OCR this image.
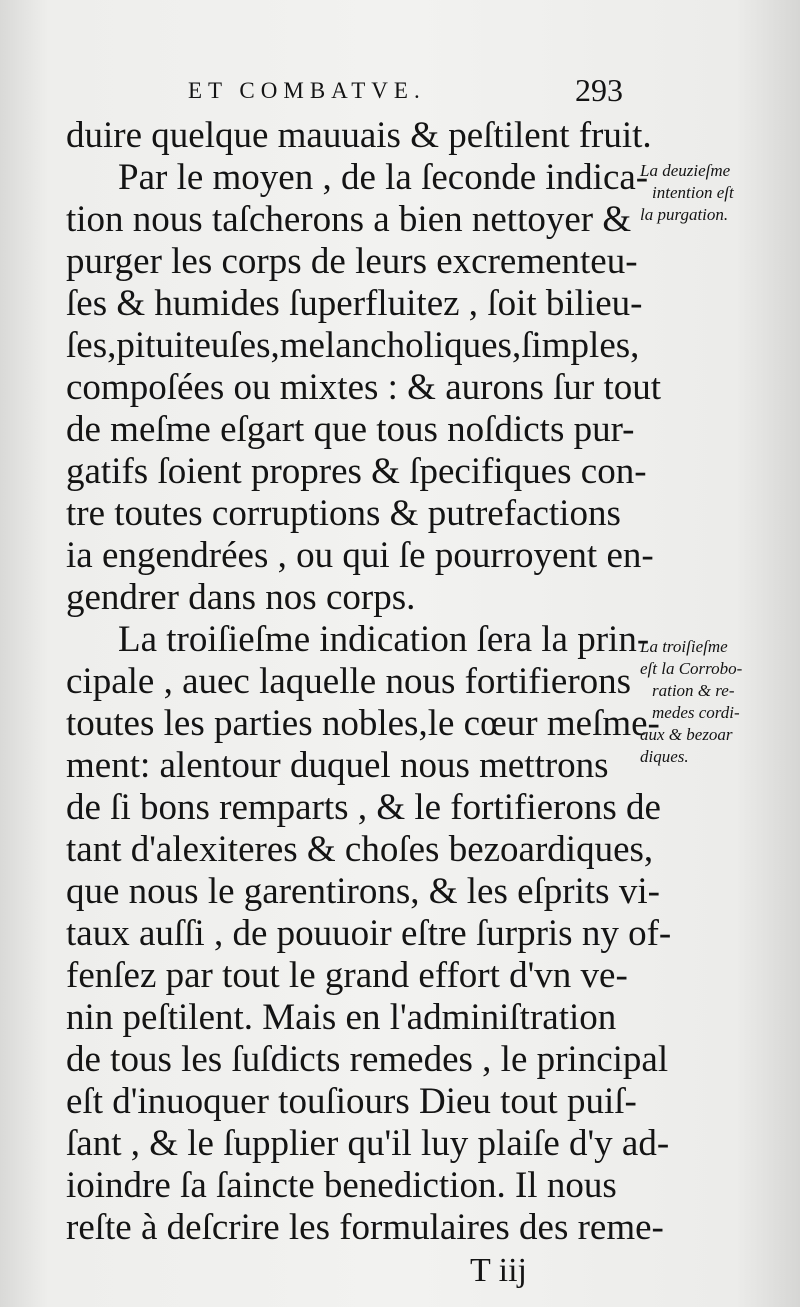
ET COMBATVE.	293
duire quelque mauuais & peſtilent fruit.
Par le moyen , de la ſeconde indica-
tion nous taſcherons a bien nettoyer &
purger les corps de leurs excrementeu-
ſes & humides ſuperfluitez , ſoit bilieu-
ſes,pituiteuſes,melancholiques,ſimples,
compoſées ou mixtes : & aurons ſur tout
de meſme eſgart que tous noſdicts pur-
gatifs ſoient propres & ſpecifiques con-
tre toutes corruptions & putrefactions
ia engendrées , ou qui ſe pourroyent en-
gendrer dans nos corps.
La troiſieſme indication ſera la prin-
cipale , auec laquelle nous fortifierons
toutes les parties nobles,le cœur meſme-
ment: alentour duquel nous mettrons
de ſi bons remparts , & le fortifierons de
tant d'alexiteres & choſes bezoardiques,
que nous le garentirons, & les eſprits vi-
taux auſſi , de pouuoir eſtre ſurpris ny of-
fenſez par tout le grand effort d'vn ve-
nin peſtilent. Mais en l'adminiſtration
de tous les ſuſdicts remedes , le principal
eſt d'inuoquer touſiours Dieu tout puiſ-
ſant , & le ſupplier qu'il luy plaiſe d'y ad-
ioindre ſa ſaincte benediction. Il nous
reſte à deſcrire les formulaires des reme-
La deuzieſme
intention eſt
la purgation.
La troiſieſme
eſt la Corrobo-
ration & re-
medes cordi-
aux & bezoar
diques.
T iij
